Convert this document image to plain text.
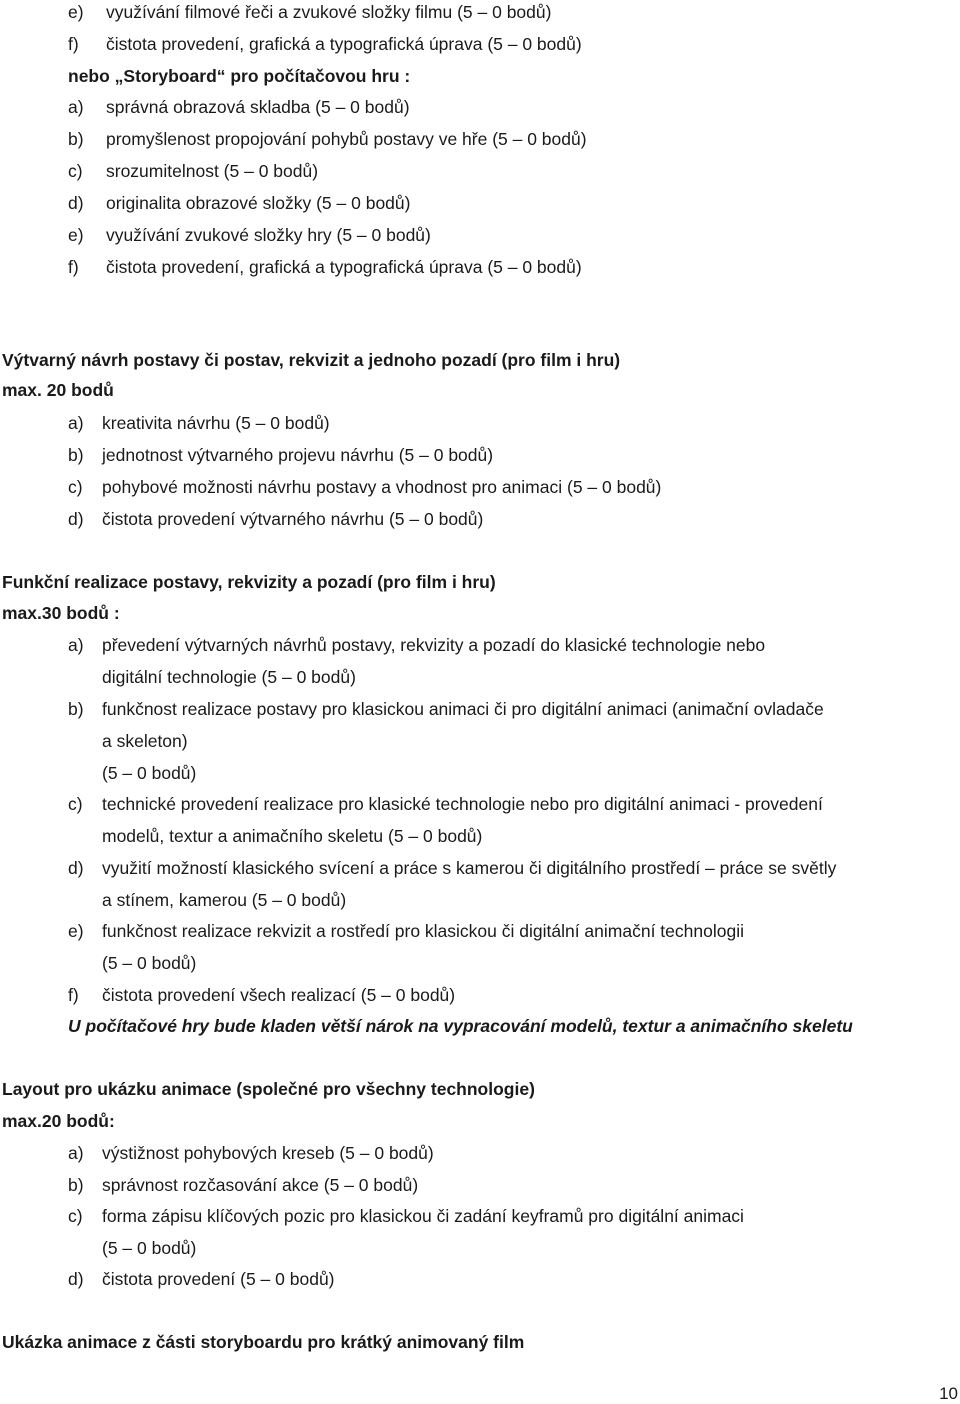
e) využívání filmové řeči a zvukové složky filmu (5 – 0 bodů)
f) čistota provedení, grafická a typografická úprava (5 – 0 bodů)
nebo „Storyboard“ pro počítačovou hru :
a) správná obrazová skladba (5 – 0 bodů)
b) promyšlenost propojování pohybů postavy ve hře (5 – 0 bodů)
c) srozumitelnost (5 – 0 bodů)
d) originalita obrazové složky (5 – 0 bodů)
e) využívání zvukové složky hry (5 – 0 bodů)
f) čistota provedení, grafická a typografická úprava (5 – 0 bodů)
Výtvarný návrh postavy či postav, rekvizit a jednoho pozadí (pro film i hru)
max. 20 bodů
a) kreativita návrhu (5 – 0 bodů)
b) jednotnost výtvarného projevu návrhu (5 – 0 bodů)
c) pohybové možnosti návrhu postavy a vhodnost pro animaci (5 – 0 bodů)
d) čistota provedení výtvarného návrhu (5 – 0 bodů)
Funkční realizace postavy, rekvizity a pozadí (pro film i hru)
max.30 bodů :
a) převedení výtvarných návrhů postavy, rekvizity a pozadí do klasické technologie nebo
digitální technologie (5 – 0 bodů)
b) funkčnost realizace postavy pro klasickou animaci či pro digitální animaci (animační ovladače
a skeleton)
(5 – 0 bodů)
c) technické provedení realizace pro klasické technologie nebo pro digitální animaci - provedení
modelů, textur a animačního skeletu (5 – 0 bodů)
d) využití možností klasického svícení a práce s kamerou či digitálního prostředí – práce se světly
a stínem, kamerou (5 – 0 bodů)
e) funkčnost realizace rekvizit a rostředí pro klasickou či digitální animační technologii
(5 – 0 bodů)
f) čistota provedení všech realizací (5 – 0 bodů)
U počítačové hry bude kladen větší nárok na vypracování modelů, textur a animačního skeletu
Layout pro ukázku animace (společné pro všechny technologie)
max.20 bodů:
a) výstižnost pohybových kreseb (5 – 0 bodů)
b) správnost rozčasování akce (5 – 0 bodů)
c) forma zápisu klíčových pozic pro klasickou či zadání keyframů pro digitální animaci
(5 – 0 bodů)
d) čistota provedení (5 – 0 bodů)
Ukázka animace z části storyboardu pro krátký animovaný film
10
